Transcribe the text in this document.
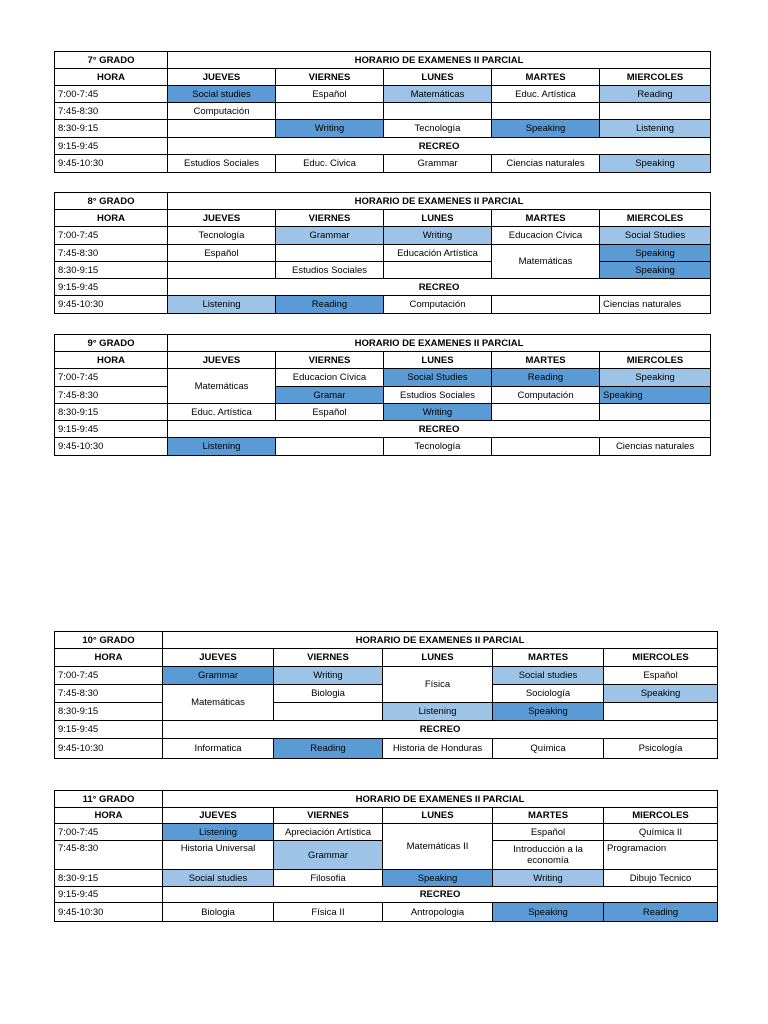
7° GRADO	HORARIO DE EXAMENES II PARCIAL				
HORA	JUEVES	VIERNES	LUNES	MARTES	MIERCOLES
7:00-7:45	Social studies	Español	Matemáticas	Educ. Artística	Reading
7:45-8:30	Computación				
8:30-9:15		Writing	Tecnología	Speaking	Listening
9:15-9:45	RECREO				
9:45-10:30	Estudios Sociales	Educ. Civica	Grammar	Ciencias naturales	Speaking
8° GRADO	HORARIO DE EXAMENES II PARCIAL				
HORA	JUEVES	VIERNES	LUNES	MARTES	MIERCOLES
7:00-7:45	Tecnología	Grammar	Writing	Educacion Cívica	Social Studies
7:45-8:30	Español		Educación Artística	Matemáticas	Speaking
8:30-9:15		Estudios Sociales			Speaking
9:15-9:45	RECREO				
9:45-10:30	Listening	Reading	Computación		Ciencias naturales
9° GRADO	HORARIO DE EXAMENES II PARCIAL				
HORA	JUEVES	VIERNES	LUNES	MARTES	MIERCOLES
7:00-7:45	Matemáticas	Educacion Cívica	Social Studies	Reading	Speaking
7:45-8:30		Gramar	Estudios Sociales	Computación	Speaking
8:30-9:15	Educ. Artística	Español	Writing		
9:15-9:45	RECREO				
9:45-10:30	Listening		Tecnología		Ciencias naturales
10° GRADO	HORARIO DE EXAMENES II PARCIAL				
HORA	JUEVES	VIERNES	LUNES	MARTES	MIERCOLES
7:00-7:45	Grammar	Writing	Física	Social studies	Español
7:45-8:30	Matemáticas	Biologia		Sociología	Speaking
8:30-9:15			Listening	Speaking	
9:15-9:45	RECREO				
9:45-10:30	Informatica	Reading	Historia de Honduras	Química	Psicología
11° GRADO	HORARIO DE EXAMENES II PARCIAL				
HORA	JUEVES	VIERNES	LUNES	MARTES	MIERCOLES
7:00-7:45	Listening	Apreciación Artística	Matemáticas II	Español	Química II
7:45-8:30	Historia Universal	Grammar		Introducción a la economía	Programacion
8:30-9:15	Social studies	Filosofia	Speaking	Writing	Dibujo Tecnico
9:15-9:45	RECREO				
9:45-10:30	Biologia	Física II	Antropologia	Speaking	Reading
